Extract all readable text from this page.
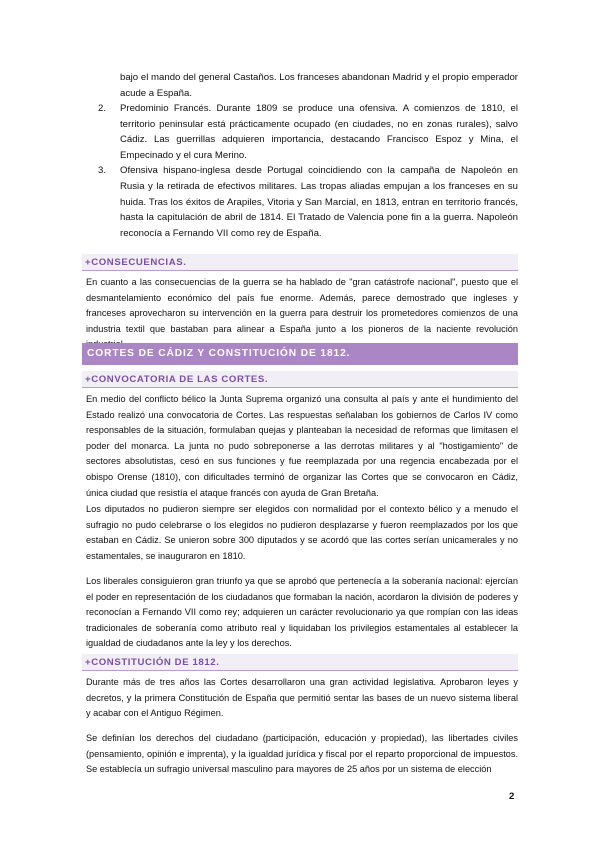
bajo el mando del general Castaños. Los franceses abandonan Madrid y el propio emperador acude a España.
2. Predominio Francés. Durante 1809 se produce una ofensiva. A comienzos de 1810, el territorio peninsular está prácticamente ocupado (en ciudades, no en zonas rurales), salvo Cádiz. Las guerrillas adquieren importancia, destacando Francisco Espoz y Mina, el Empecinado y el cura Merino.
3. Ofensiva hispano-inglesa desde Portugal coincidiendo con la campaña de Napoleón en Rusia y la retirada de efectivos militares. Las tropas aliadas empujan a los franceses en su huida. Tras los éxitos de Arapiles, Vitoria y San Marcial, en 1813, entran en territorio francés, hasta la capitulación de abril de 1814. El Tratado de Valencia pone fin a la guerra. Napoleón reconocía a Fernando VII como rey de España.
+CONSECUENCIAS.
En cuanto a las consecuencias de la guerra se ha hablado de "gran catástrofe nacional", puesto que el desmantelamiento económico del país fue enorme. Además, parece demostrado que ingleses y franceses aprovecharon su intervención en la guerra para destruir los prometedores comienzos de una industria textil que bastaban para alinear a España junto a los pioneros de la naciente revolución
CORTES DE CÁDIZ Y CONSTITUCIÓN DE 1812.
+CONVOCATORIA DE LAS CORTES.
En medio del conflicto bélico la Junta Suprema organizó una consulta al país y ante el hundimiento del Estado realizó una convocatoria de Cortes. Las respuestas señalaban los gobiernos de Carlos IV como responsables de la situación, formulaban quejas y planteaban la necesidad de reformas que limitasen el poder del monarca. La junta no pudo sobreponerse a las derrotas militares y al "hostigamiento" de sectores absolutistas, cesó en sus funciones y fue reemplazada por una regencia encabezada por el obispo Orense (1810), con dificultades terminó de organizar las Cortes que se convocaron en Cádiz, única ciudad que resistía el ataque francés con ayuda de Gran Bretaña.
Los diputados no pudieron siempre ser elegidos con normalidad por el contexto bélico y a menudo el sufragio no pudo celebrarse o los elegidos no pudieron desplazarse y fueron reemplazados por los que estaban en Cádiz. Se unieron sobre 300 diputados y se acordó que las cortes serían unicamerales y no estamentales, se inauguraron en 1810.
Los liberales consiguieron gran triunfo ya que se aprobó que pertenecía a la soberanía nacional: ejercían el poder en representación de los ciudadanos que formaban la nación, acordaron la división de poderes y reconocían a Fernando VII como rey; adquieren un carácter revolucionario ya que rompían con las ideas tradicionales de soberanía como atributo real y liquidaban los privilegios estamentales al establecer la igualdad de ciudadanos ante la ley y los derechos.
+CONSTITUCIÓN DE 1812.
Durante más de tres años las Cortes desarrollaron una gran actividad legislativa. Aprobaron leyes y decretos, y la primera Constitución de España que permitió sentar las bases de un nuevo sistema liberal y acabar con el Antiguo Régimen.
Se definían los derechos del ciudadano (participación, educación y propiedad), las libertades civiles (pensamiento, opinión e imprenta), y la igualdad jurídica y fiscal por el reparto proporcional de impuestos. Se establecía un sufragio universal masculino para mayores de 25 años por un sistema de elección
2
